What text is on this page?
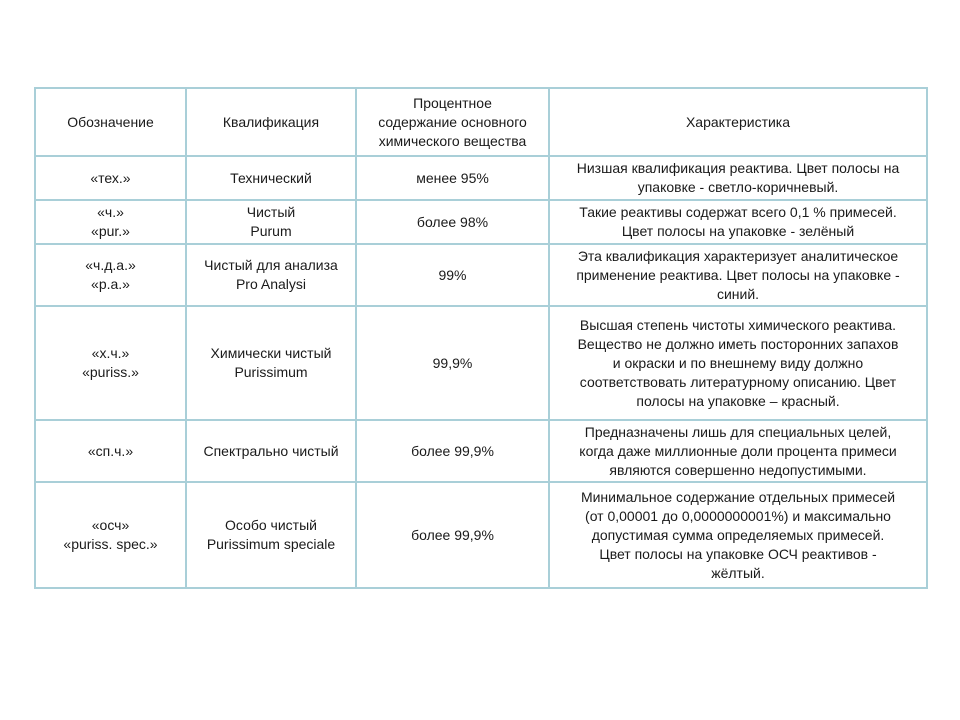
Обозначение	Квалификация	Процентное
содержание основного
химического вещества	Характеристика

«тех.»	Технический	менее 95%	Низшая квалификация реактива. Цвет полосы на
упаковке - светло-коричневый.

«ч.»
«pur.»	Чистый
Purum	более 98%	Такие реактивы содержат всего 0,1 % примесей.
Цвет полосы на упаковке - зелёный

«ч.д.а.»
«p.a.»	Чистый для анализа
Pro Analysi	99%	Эта квалификация характеризует аналитическое
применение реактива. Цвет полосы на упаковке -
синий.

«х.ч.»
«puriss.»	Химически чистый
Purissimum	99,9%	Высшая степень чистоты химического реактива.
Вещество не должно иметь посторонних запахов
и окраски и по внешнему виду должно
соответствовать литературному описанию. Цвет
полосы на упаковке – красный.

«сп.ч.»	Спектрально чистый	более 99,9%	Предназначены лишь для специальных целей,
когда даже миллионные доли процента примеси
являются совершенно недопустимыми.

«осч»
«puriss. spec.»	Особо чистый
Purissimum speciale	более 99,9%	Минимальное содержание отдельных примесей
(от 0,00001 до 0,0000000001%) и максимально
допустимая сумма определяемых примесей.
Цвет полосы на упаковке ОСЧ реактивов -
жёлтый.
